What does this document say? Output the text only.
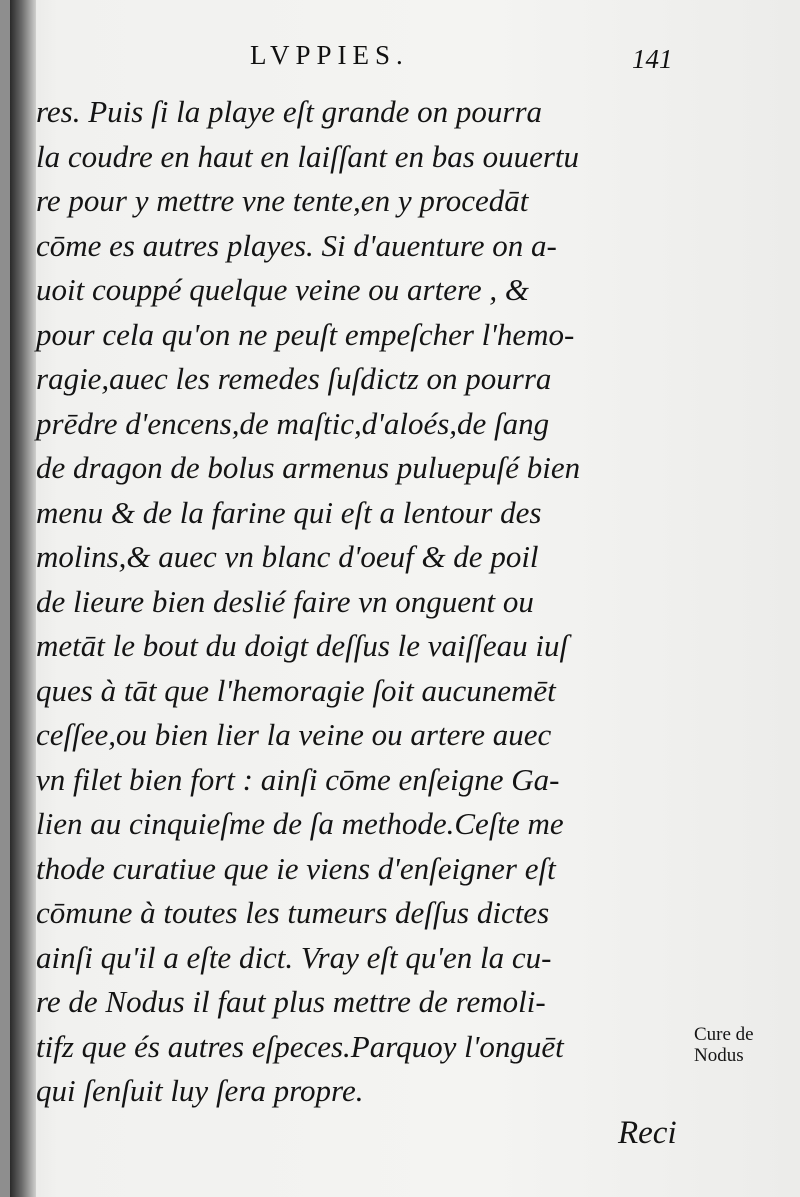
LVPPIES.	141
res. Puis ſi la playe eſt grande on pourra
la coudre en haut en laiſſant en bas ouuertu
re pour y mettre vne tente,en y procedāt
cōme es autres playes. Si d'auenture on a-
uoit couppé quelque veine ou artere , &
pour cela qu'on ne peuſt empeſcher l'hemo-
ragie,auec les remedes ſuſdictz on pourra
prēdre d'encens,de maſtic,d'aloés,de ſang
de dragon de bolus armenus puluериſé bien
menu & de la farine qui eſt a lentour des
molins,& auec vn blanc d'oeuf & de poil
de lieure bien deslié faire vn onguent ou
metāt le bout du doigt deſſus le vaiſſeau iuſ
ques à tāt que l'hemoragie ſoit aucunemēt
ceſſee,ou bien lier la veine ou artere auec
vn filet bien fort : ainſi cōme enſeigne Ga-
lien au cinquieſme de ſa methode.Ceſte me
thode curatiue que ie viens d'enſeigner eſt
cōmune à toutes les tumeurs deſſus dictes
ainſi qu'il a eſte dict. Vray eſt qu'en la cu-
re de Nodus il faut plus mettre de remoli-
tifz que és autres eſpeces.Parquoy l'onguēt
qui ſenſuit luy ſera propre.
Cure de
Nodus
Reci
